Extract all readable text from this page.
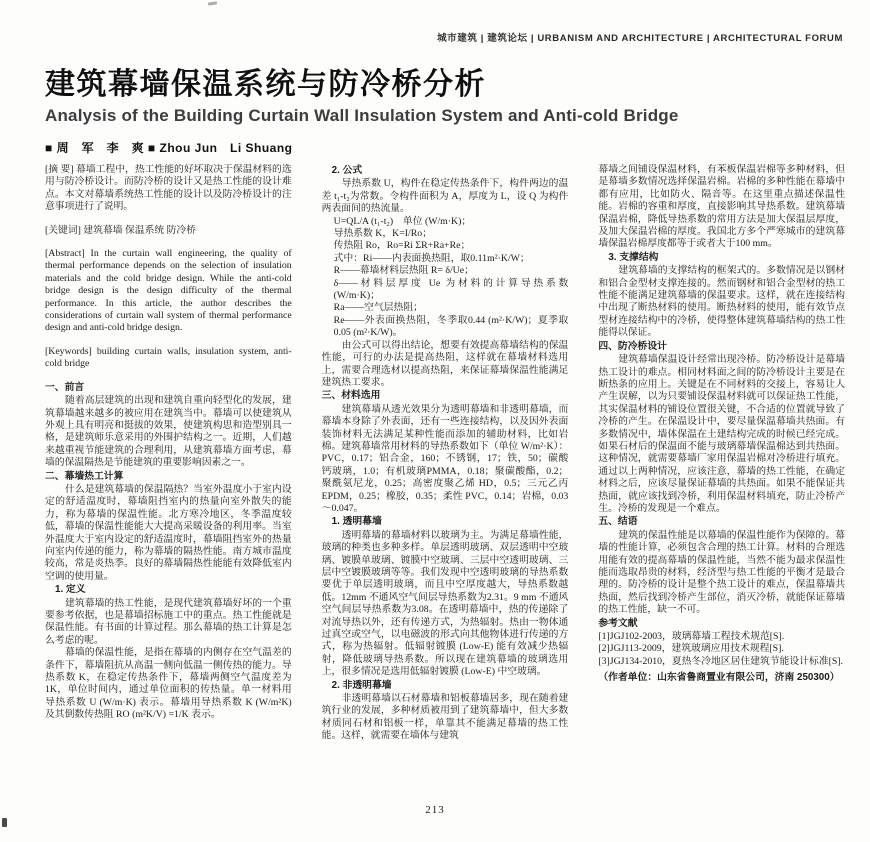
城市建筑 | 建筑论坛 | URBANISM AND ARCHITECTURE | ARCHITECTURAL FORUM
建筑幕墙保温系统与防冷桥分析
Analysis of the Building Curtain Wall Insulation System and Anti-cold Bridge
■ 周　军　李　爽 ■ Zhou Jun　Li Shuang

[摘 要] 幕墙工程中，热工性能的好坏取决于保温材料的选用与防冷桥设计。而防冷桥的设计又是热工性能的设计难点。本文对幕墙系统热工性能的设计以及防冷桥设计的注意事项进行了说明。

[关键词] 建筑幕墙 保温系统 防冷桥

[Abstract] In the curtain wall engineering, the quality of thermal performance depends on the selection of insulation materials and the cold bridge design. While the anti-cold bridge design is the design difficulty of the thermal performance. In this article, the author describes the considerations of curtain wall system of thermal performance design and anti-cold bridge design.

[Keywords] building curtain walls, insulation system, anti-cold bridge

一、前言

随着高层建筑的出现和建筑自重向轻型化的发展，建筑幕墙越来越多的被应用在建筑当中。幕墙可以使建筑从外观上具有明亮和挺拔的效果，使建筑构思和造型别具一格，是建筑师乐意采用的外围护结构之一。近期，人们越来越重视节能建筑的合理利用，从建筑幕墙方面考虑，幕墙的保温隔热是节能建筑的重要影响因素之一。

二、幕墙热工计算

什么是建筑幕墙的保温隔热？当室外温度小于室内设定的舒适温度时，幕墙阻挡室内的热量向室外散失的能力，称为幕墙的保温性能。北方寒冷地区，冬季温度较低，幕墙的保温性能能大大提高采暖设备的利用率。当室外温度大于室内设定的舒适温度时，幕墙阻挡室外的热量向室内传递的能力，称为幕墙的隔热性能。南方城市温度较高，常是炎热季。良好的幕墙隔热性能能有效降低室内空调的使用量。

1. 定义

建筑幕墙的热工性能，是现代建筑幕墙好坏的一个重要参考依据，也是幕墙招标施工中的重点。热工性能就是保温性能。有书面的计算过程。那么幕墙的热工计算是怎么考虑的呢。

幕墙的保温性能，是指在幕墙的内侧存在空气温差的条件下，幕墙阻抗从高温一侧向低温一侧传热的能力。导热系数 K，在稳定传热条件下，幕墙两侧空气温度差为1K，单位时间内，通过单位面积的传热量。单一材料用导热系数 U (W/m·K) 表示。幕墙用导热系数 K (W/m²K) 及其倒数传热阻 RO (m²K/V) =1/K 表示。

2. 公式

导热系数 U，构件在稳定传热条件下，构件两边的温差 t₁-t₂为常数。令构件面积为 A，厚度为 L，设 Q 为构件两表面间的热流量。

U=QL/A (t₁-t₂)　单位 (W/m·K)；

导热系数 K，K=I/Ro；

传热阻 Ro，Ro=Ri ΣR+Ra+Re；

式中：Ri——内表面换热阻，取0.11m²·K/W；

R——幕墙材料层热阻 R= δ/Ue；

δ——材料层厚度 Ue 为材料的计算导热系数 (W/m·K)；

Ra——空气层热阻；

Re——外表面换热阻，冬季取0.44 (m²·K/W)；夏季取0.05 (m²·K/W)。

由公式可以得出结论，想要有效提高幕墙结构的保温性能，可行的办法是提高热阻，这样就在幕墙材料选用上，需要合理选材以提高热阻，来保证幕墙保温性能满足建筑热工要求。

三、材料选用

建筑幕墙从透光效果分为透明幕墙和非透明幕墙，而幕墙本身除了外表面，还有一些连接结构，以及因外表面装饰材料无法满足某种性能而添加的辅助材料，比如岩棉。建筑幕墙常用材料的导热系数如下（单位 W/m²·K）：PVC，0.17；铝合金，160；不锈钢，17；铁，50；碳酸钙玻璃，1.0；有机玻璃PMMA，0.18；聚碳酸酯，0.2；聚酰氨尼龙，0.25；高密度聚乙烯 HD，0.5；三元乙丙 EPDM，0.25；橡胶，0.35；柔性 PVC，0.14；岩棉，0.03～0.047。

1. 透明幕墙

透明幕墙的幕墙材料以玻璃为主。为满足幕墙性能，玻璃的种类也多种多样。单层透明玻璃、双层透明中空玻璃、镀膜单玻璃、镀膜中空玻璃、三层中空透明玻璃、三层中空镀膜玻璃等等。我们发现中空透明玻璃的导热系数要优于单层透明玻璃，而且中空厚度越大，导热系数越低。12mm 不通风空气间层导热系数为2.31。9 mm 不通风空气间层导热系数为3.08。在透明幕墙中，热的传递除了对流导热以外，还有传递方式，为热辐射。热由一物体通过真空或空气，以电磁波的形式向其他物体进行传递的方式，称为热辐射。低辐射镀膜 (Low-E) 能有效减少热辐射，降低玻璃导热系数。所以现在建筑幕墙的玻璃选用上，很多情况是选用低辐射镀膜 (Low-E) 中空玻璃。

2. 非透明幕墙

非透明幕墙以石材幕墙和铝板幕墙居多，现在随着建筑行业的发展，多种材质被用到了建筑幕墙中，但大多数材质同石材和铝板一样，单靠其不能满足幕墙的热工性能。这样，就需要在墙体与建筑

幕墙之间铺设保温材料，有苯板保温岩棉等多种材料，但是幕墙多数情况选择保温岩棉。岩棉的多种性能在幕墙中都有应用，比如防火、隔音等。在这里重点描述保温性能。岩棉的容重和厚度，直接影响其导热系数。建筑幕墙保温岩棉，降低导热系数的常用方法是加大保温层厚度，及加大保温岩棉的厚度。我国北方多个严寒城市的建筑幕墙保温岩棉厚度都等于或者大于100 mm。

3. 支撑结构

建筑幕墙的支撑结构的框架式的。多数情况是以钢材和铝合金型材支撑连接的。然而钢材和铝合金型材的热工性能不能满足建筑幕墙的保温要求。这样，就在连接结构中出现了断热材料的使用。断热材料的使用，能有效节点型材连接结构中的冷桥，使得整体建筑幕墙结构的热工性能得以保证。

四、防冷桥设计

建筑幕墙保温设计经常出现冷桥。防冷桥设计是幕墙热工设计的难点。相同材料面之间的防冷桥设计主要是在断热条的应用上。关键是在不同材料的交接上，容易让人产生误解，以为只要铺设保温材料就可以保证热工性能，其实保温材料的铺设位置很关键，不合适的位置就导致了冷桥的产生。在保温设计中，要尽量保温幕墙共热面。有多数情况中，墙体保温在土建结构完成的时候已经完成。如果石材后的保温面不能与玻璃幕墙保温棉达到共热面。这种情况，就需要幕墙厂家用保温岩棉对冷桥进行填充。通过以上两种情况，应该注意，幕墙的热工性能，在确定材料之后，应该尽量保证幕墙的共热面。如果不能保证共热面，就应该找到冷桥，利用保温材料填充，防止冷桥产生。冷桥的发现是一个难点。

五、结语

建筑的保温性能是以幕墙的保温性能作为保障的。幕墙的性能计算，必须包含合理的热工计算。材料的合理选用能有效的提高幕墙的保温性能，当然不能为最求保温性能而选取昂贵的材料，经济型与热工性能的平衡才是最合理的。防冷桥的设计是整个热工设计的难点，保温幕墙共热面，然后找到冷桥产生部位，消灭冷桥，就能保证幕墙的热工性能，缺一不可。

参考文献

[1]JGJ102-2003，玻璃幕墙工程技术规范[S].

[2]JGJ113-2009，建筑玻璃应用技术规程[S].

[3]JGJ134-2010，夏热冬冷地区居住建筑节能设计标准[S].

（作者单位：山东省鲁商置业有限公司，济南 250300）

213
